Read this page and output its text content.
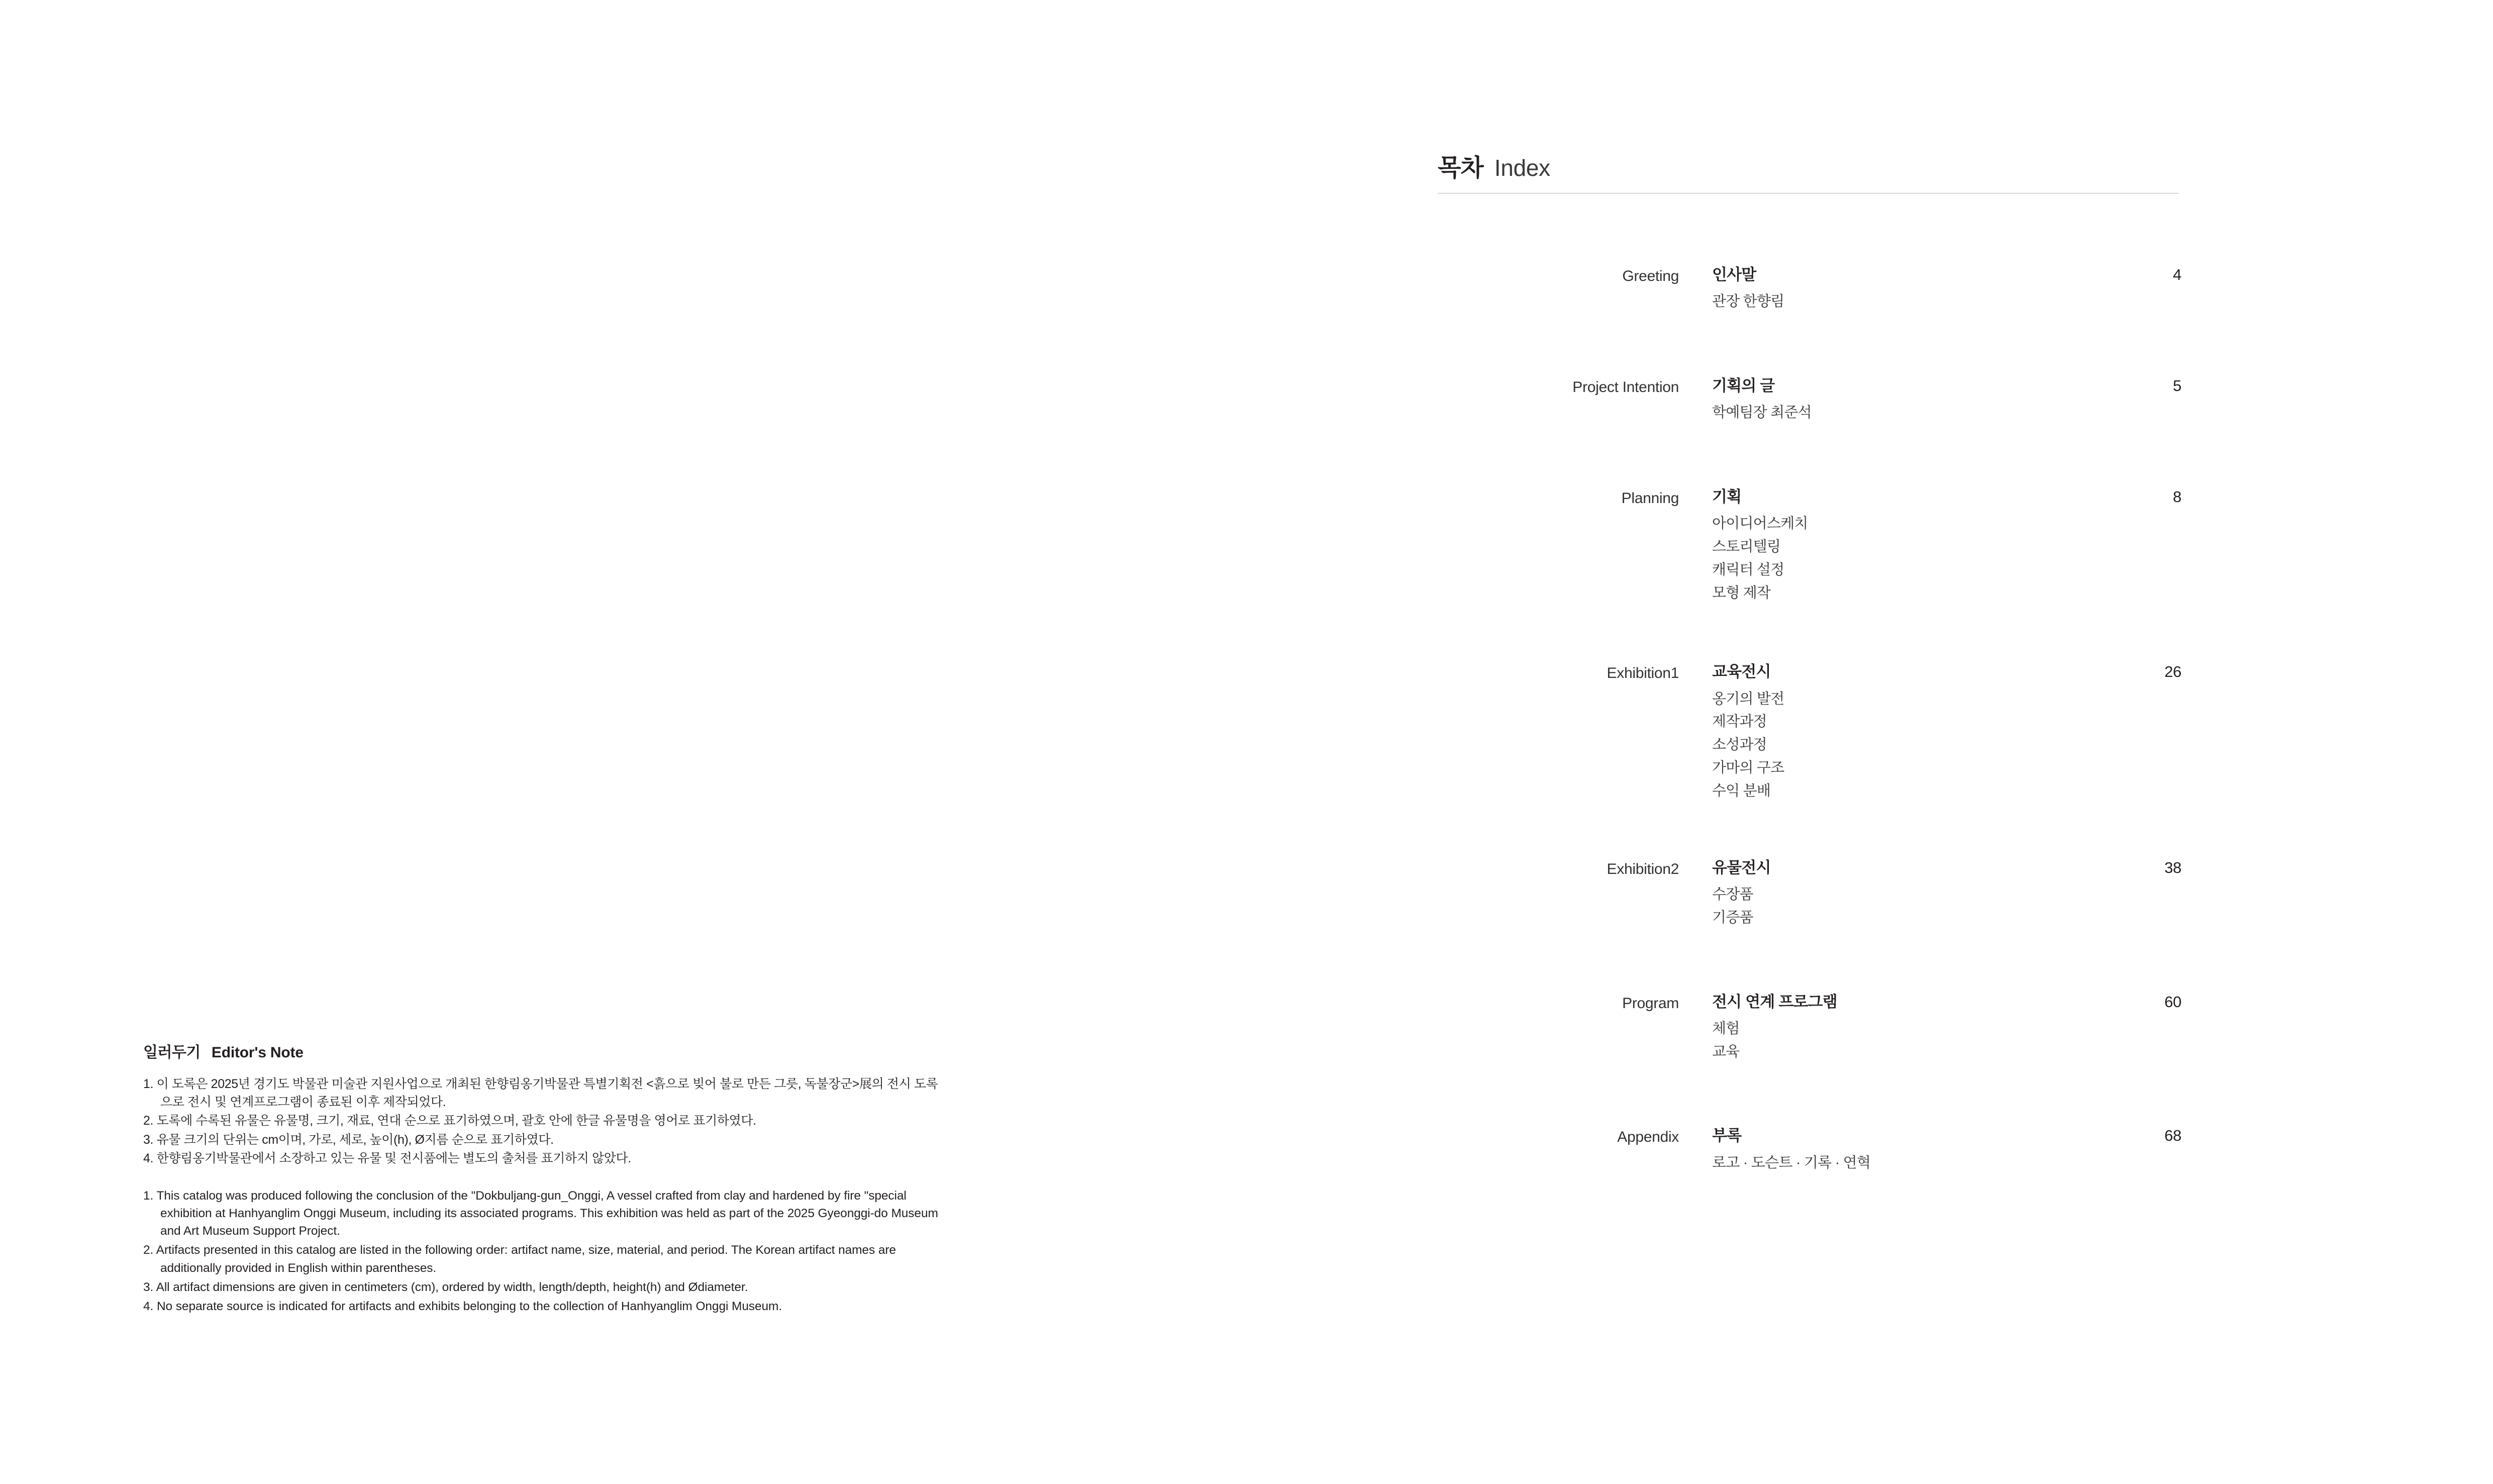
일러두기 Editor's Note
1. 이 도록은 2025년 경기도 박물관 미술관 지원사업으로 개최된 한향림옹기박물관 특별기획전 <흙으로 빚어 불로 만든 그릇, 독불장군>展의 전시 도록
으로 전시 및 연계프로그램이 종료된 이후 제작되었다.
2. 도록에 수록된 유물은 유물명, 크기, 재료, 연대 순으로 표기하였으며, 괄호 안에 한글 유물명을 영어로 표기하였다.
3. 유물 크기의 단위는 cm이며, 가로, 세로, 높이(h), Ø지름 순으로 표기하였다.
4. 한향림옹기박물관에서 소장하고 있는 유물 및 전시품에는 별도의 출처를 표기하지 않았다.
1. This catalog was produced following the conclusion of the "Dokbuljang-gun_Onggi, A vessel crafted from clay and hardened by fire "special
exhibition at Hanhyanglim Onggi Museum, including its associated programs. This exhibition was held as part of the 2025 Gyeonggi-do Museum
and Art Museum Support Project.
2. Artifacts presented in this catalog are listed in the following order: artifact name, size, material, and period. The Korean artifact names are
additionally provided in English within parentheses.
3. All artifact dimensions are given in centimeters (cm), ordered by width, length/depth, height(h) and Ødiameter.
4. No separate source is indicated for artifacts and exhibits belonging to the collection of Hanhyanglim Onggi Museum.
목차 Index
Greeting 인사말
관장 한향림
4
Project Intention 기획의 글
학예팀장 최준석
5
Planning 기획
아이디어스케치
스토리텔링
캐릭터 설정
모형 제작
8
Exhibition1 교육전시
옹기의 발전
제작과정
소성과정
가마의 구조
수익 분배
26
Exhibition2 유물전시
수장품
기증품
38
Program 전시 연계 프로그램
체험
교육
60
Appendix 부록
로고 · 도슨트 · 기록 · 연혁
68
